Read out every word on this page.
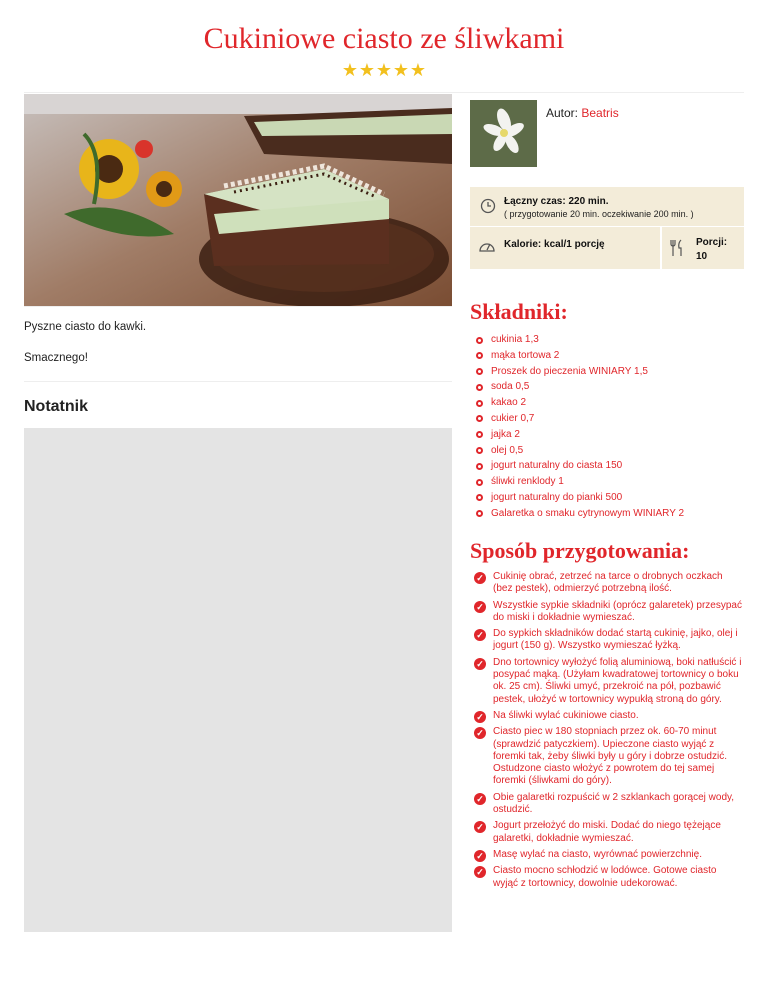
Cukiniowe ciasto ze śliwkami
★★★★★

Pyszne ciasto do kawki.

Smacznego!

Notatnik
Autor: Beatris
Łączny czas: 220 min.
( przygotowanie 20 min. oczekiwanie 200 min. )
Kalorie: kcal/1 porcję	Porcji:
10
Składniki:
cukinia 1,3
mąka tortowa 2
Proszek do pieczenia WINIARY 1,5
soda 0,5
kakao 2
cukier 0,7
jajka 2
olej 0,5
jogurt naturalny do ciasta 150
śliwki renklody 1
jogurt naturalny do pianki 500
Galaretka o smaku cytrynowym WINIARY 2
Sposób przygotowania:
✓ Cukinię obrać, zetrzeć na tarce o drobnych oczkach (bez pestek), odmierzyć potrzebną ilość.
✓ Wszystkie sypkie składniki (oprócz galaretek) przesypać do miski i dokładnie wymieszać.
✓ Do sypkich składników dodać startą cukinię, jajko, olej i jogurt (150 g). Wszystko wymieszać łyżką.
✓ Dno tortownicy wyłożyć folią aluminiową, boki natłuścić i posypać mąką. (Użyłam kwadratowej tortownicy o boku ok. 25 cm). Śliwki umyć, przekroić na pół, pozbawić pestek, ułożyć w tortownicy wypukłą stroną do góry.
✓ Na śliwki wylać cukiniowe ciasto.
✓ Ciasto piec w 180 stopniach przez ok. 60-70 minut (sprawdzić patyczkiem). Upieczone ciasto wyjąć z foremki tak, żeby śliwki były u góry i dobrze ostudzić. Ostudzone ciasto włożyć z powrotem do tej samej foremki (śliwkami do góry).
✓ Obie galaretki rozpuścić w 2 szklankach gorącej wody, ostudzić.
✓ Jogurt przełożyć do miski. Dodać do niego tężejące galaretki, dokładnie wymieszać.
✓ Masę wylać na ciasto, wyrównać powierzchnię.
✓ Ciasto mocno schłodzić w lodówce. Gotowe ciasto wyjąć z tortownicy, dowolnie udekorować.
